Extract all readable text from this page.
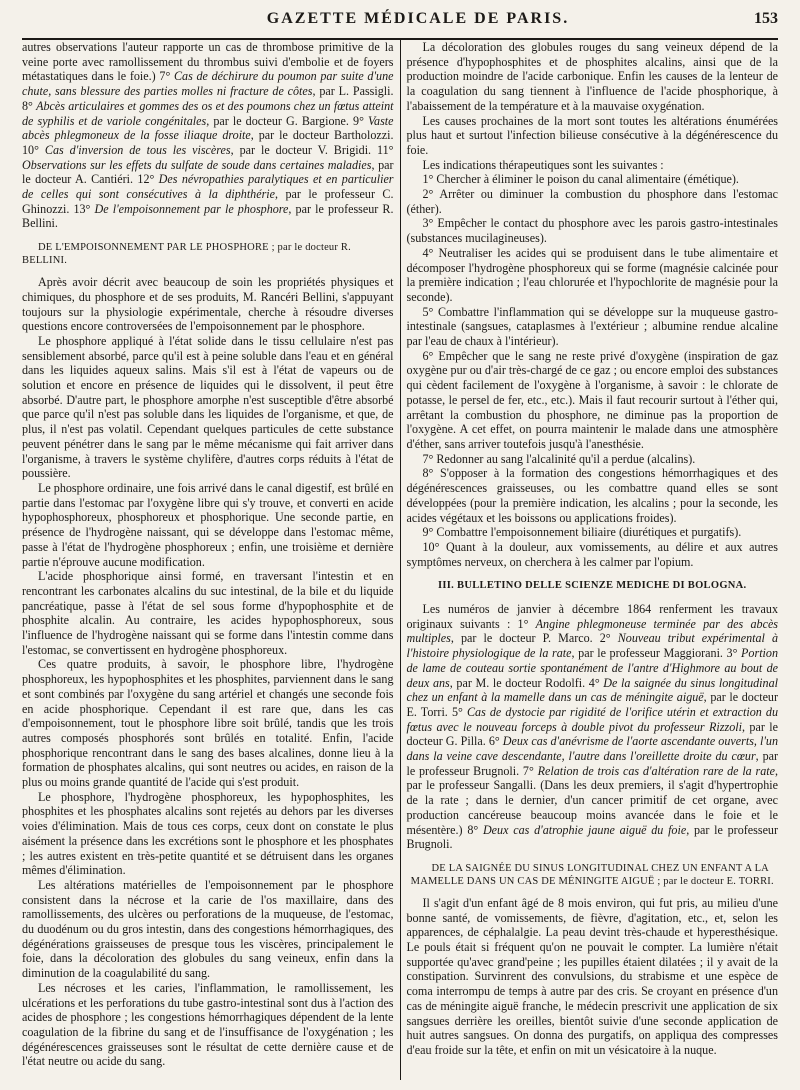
GAZETTE MÉDICALE DE PARIS.	153

autres observations l'auteur rapporte un cas de thrombose primitive de la veine porte avec ramollissement du thrombus suivi d'embolie et de foyers métastatiques dans le foie.) 7° Cas de déchirure du poumon par suite d'une chute, sans blessure des parties molles ni fracture de côtes, par L. Passigli. 8° Abcès articulaires et gommes des os et des poumons chez un fœtus atteint de syphilis et de variole congénitales, par le docteur G. Bargione. 9° Vaste abcès phlegmoneux de la fosse iliaque droite, par le docteur Bartholozzi. 10° Cas d'inversion de tous les viscères, par le docteur V. Brigidi. 11° Observations sur les effets du sulfate de soude dans certaines maladies, par le docteur A. Cantiéri. 12° Des névropathies paralytiques et en particulier de celles qui sont consécutives à la diphthérie, par le professeur C. Ghinozzi. 13° De l'empoisonnement par le phosphore, par le professeur R. Bellini.

DE L'EMPOISONNEMENT PAR LE PHOSPHORE ; par le docteur R. BELLINI.

Après avoir décrit avec beaucoup de soin les propriétés physiques et chimiques, du phosphore et de ses produits, M. Rancéri Bellini, s'appuyant toujours sur la physiologie expérimentale, cherche à résoudre diverses questions encore controversées de l'empoisonnement par le phosphore.

Le phosphore appliqué à l'état solide dans le tissu cellulaire n'est pas sensiblement absorbé, parce qu'il est à peine soluble dans l'eau et en général dans les liquides aqueux salins. Mais s'il est à l'état de vapeurs ou de solution et encore en présence de liquides qui le dissolvent, il peut être absorbé. D'autre part, le phosphore amorphe n'est susceptible d'être absorbé que parce qu'il n'est pas soluble dans les liquides de l'organisme, et que, de plus, il n'est pas volatil. Cependant quelques particules de cette substance peuvent pénétrer dans le sang par le même mécanisme qui fait arriver dans l'organisme, à travers le système chylifère, d'autres corps réduits à l'état de poussière.

Le phosphore ordinaire, une fois arrivé dans le canal digestif, est brûlé en partie dans l'estomac par l'oxygène libre qui s'y trouve, et converti en acide hypophosphoreux, phosphoreux et phosphorique. Une seconde partie, en présence de l'hydrogène naissant, qui se développe dans l'estomac même, passe à l'état de l'hydrogène phosphoreux ; enfin, une troisième et dernière partie n'éprouve aucune modification.

L'acide phosphorique ainsi formé, en traversant l'intestin et en rencontrant les carbonates alcalins du suc intestinal, de la bile et du liquide pancréatique, passe à l'état de sel sous forme d'hypophosphite et de phosphite alcalin. Au contraire, les acides hypophosphoreux, sous l'influence de l'hydrogène naissant qui se forme dans l'intestin comme dans l'estomac, se convertissent en hydrogène phosphoreux.

Ces quatre produits, à savoir, le phosphore libre, l'hydrogène phosphoreux, les hypophosphites et les phosphites, parviennent dans le sang et sont combinés par l'oxygène du sang artériel et changés une seconde fois en acide phosphorique. Cependant il est rare que, dans les cas d'empoisonnement, tout le phosphore libre soit brûlé, tandis que les trois autres composés phosphorés sont brûlés en totalité. Enfin, l'acide phosphorique rencontrant dans le sang des bases alcalines, donne lieu à la formation de phosphates alcalins, qui sont neutres ou acides, en raison de la plus ou moins grande quantité de l'acide qui s'est produit.

Le phosphore, l'hydrogène phosphoreux, les hypophosphites, les phosphites et les phosphates alcalins sont rejetés au dehors par les diverses voies d'élimination. Mais de tous ces corps, ceux dont on constate le plus aisément la présence dans les excrétions sont le phosphore et les phosphates ; les autres existent en très-petite quantité et se détruisent dans les organes mêmes d'élimination.

Les altérations matérielles de l'empoisonnement par le phosphore consistent dans la nécrose et la carie de l'os maxillaire, dans des ramollissements, des ulcères ou perforations de la muqueuse, de l'estomac, du duodénum ou du gros intestin, dans des congestions hémorrhagiques, des dégénérations graisseuses de presque tous les viscères, principalement le foie, dans la décoloration des globules du sang veineux, enfin dans la diminution de la coagulabilité du sang.

Les nécroses et les caries, l'inflammation, le ramollissement, les ulcérations et les perforations du tube gastro-intestinal sont dus à l'action des acides de phosphore ; les congestions hémorrhagiques dépendent de la lente coagulation de la fibrine du sang et de l'insuffisance de l'oxygénation ; les dégénérescences graisseuses sont le résultat de cette dernière cause et de l'état neutre ou acide du sang.

La décoloration des globules rouges du sang veineux dépend de la présence d'hypophosphites et de phosphites alcalins, ainsi que de la production moindre de l'acide carbonique. Enfin les causes de la lenteur de la coagulation du sang tiennent à l'influence de l'acide phosphorique, à l'abaissement de la température et à la mauvaise oxygénation.

Les causes prochaines de la mort sont toutes les altérations énumérées plus haut et surtout l'infection bilieuse consécutive à la dégénérescence du foie.

Les indications thérapeutiques sont les suivantes :

1° Chercher à éliminer le poison du canal alimentaire (émétique).

2° Arrêter ou diminuer la combustion du phosphore dans l'estomac (éther).

3° Empêcher le contact du phosphore avec les parois gastro-intestinales (substances mucilagineuses).

4° Neutraliser les acides qui se produisent dans le tube alimentaire et décomposer l'hydrogène phosphoreux qui se forme (magnésie calcinée pour la première indication ; l'eau chlorurée et l'hypochlorite de magnésie pour la seconde).

5° Combattre l'inflammation qui se développe sur la muqueuse gastro-intestinale (sangsues, cataplasmes à l'extérieur ; albumine rendue alcaline par l'eau de chaux à l'intérieur).

6° Empêcher que le sang ne reste privé d'oxygène (inspiration de gaz oxygène pur ou d'air très-chargé de ce gaz ; ou encore emploi des substances qui cèdent facilement de l'oxygène à l'organisme, à savoir : le chlorate de potasse, le persel de fer, etc., etc.). Mais il faut recourir surtout à l'éther qui, arrêtant la combustion du phosphore, ne diminue pas la proportion de l'oxygène. A cet effet, on pourra maintenir le malade dans une atmosphère d'éther, sans arriver toutefois jusqu'à l'anesthésie.

7° Redonner au sang l'alcalinité qu'il a perdue (alcalins).

8° S'opposer à la formation des congestions hémorrhagiques et des dégénérescences graisseuses, ou les combattre quand elles se sont développées (pour la première indication, les alcalins ; pour la seconde, les acides végétaux et les boissons ou applications froides).

9° Combattre l'empoisonnement biliaire (diurétiques et purgatifs).

10° Quant à la douleur, aux vomissements, au délire et aux autres symptômes nerveux, on cherchera à les calmer par l'opium.

III. BULLETINO DELLE SCIENZE MEDICHE DI BOLOGNA.

Les numéros de janvier à décembre 1864 renferment les travaux originaux suivants : 1° Angine phlegmoneuse terminée par des abcès multiples, par le docteur P. Marco. 2° Nouveau tribut expérimental à l'histoire physiologique de la rate, par le professeur Maggiorani. 3° Portion de lame de couteau sortie spontanément de l'antre d'Highmore au bout de deux ans, par M. le docteur Rodolfi. 4° De la saignée du sinus longitudinal chez un enfant à la mamelle dans un cas de méningite aiguë, par le docteur E. Torri. 5° Cas de dystocie par rigidité de l'orifice utérin et extraction du fœtus avec le nouveau forceps à double pivot du professeur Rizzoli, par le docteur G. Pilla. 6° Deux cas d'anévrisme de l'aorte ascendante ouverts, l'un dans la veine cave descendante, l'autre dans l'oreillette droite du cœur, par le professeur Brugnoli. 7° Relation de trois cas d'altération rare de la rate, par le professeur Sangalli. (Dans les deux premiers, il s'agit d'hypertrophie de la rate ; dans le dernier, d'un cancer primitif de cet organe, avec production cancéreuse beaucoup moins avancée dans le foie et le mésentère.) 8° Deux cas d'atrophie jaune aiguë du foie, par le professeur Brugnoli.

DE LA SAIGNÉE DU SINUS LONGITUDINAL CHEZ UN ENFANT A LA MAMELLE DANS UN CAS DE MÉNINGITE AIGUË ; par le docteur E. TORRI.

Il s'agit d'un enfant âgé de 8 mois environ, qui fut pris, au milieu d'une bonne santé, de vomissements, de fièvre, d'agitation, etc., et, selon les apparences, de céphalalgie. La peau devint très-chaude et hyperesthésique. Le pouls était si fréquent qu'on ne pouvait le compter. La lumière n'était supportée qu'avec grand'peine ; les pupilles étaient dilatées ; il y avait de la constipation. Survinrent des convulsions, du strabisme et une espèce de coma interrompu de temps à autre par des cris. Se croyant en présence d'un cas de méningite aiguë franche, le médecin prescrivit une application de six sangsues derrière les oreilles, bientôt suivie d'une seconde application de huit autres sangsues. On donna des purgatifs, on appliqua des compresses d'eau froide sur la tête, et enfin on mit un vésicatoire à la nuque.
